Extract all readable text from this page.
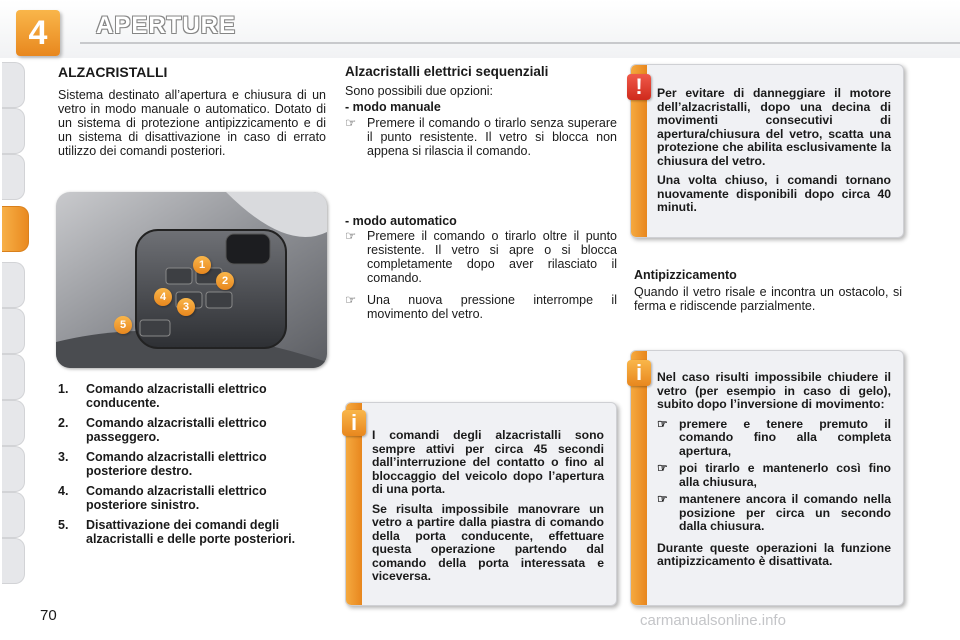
4	APERTURE
ALZACRISTALLI
Sistema destinato all’apertura e chiusura di un vetro in modo manuale o automatico. Dotato di un sistema di protezione antipizzicamento e di un sistema di disattivazione in caso di errato utilizzo dei comandi posteriori.
1
2
3
4
5
1.	Comando alzacristalli elettrico conducente.
2.	Comando alzacristalli elettrico passeggero.
3.	Comando alzacristalli elettrico posteriore destro.
4.	Comando alzacristalli elettrico posteriore sinistro.
5.	Disattivazione dei comandi degli alzacristalli e delle porte posteriori.
Alzacristalli elettrici sequenziali
Sono possibili due opzioni:
- modo manuale
☞ Premere il comando o tirarlo senza superare il punto resistente. Il vetro si blocca non appena si rilascia il comando.
- modo automatico
☞ Premere il comando o tirarlo oltre il punto resistente. Il vetro si apre o si blocca completamente dopo aver rilasciato il comando.
☞ Una nuova pressione interrompe il movimento del vetro.

I comandi degli alzacristalli sono sempre attivi per circa 45 secondi dall’interruzione del contatto o fino al bloccaggio del veicolo dopo l’apertura di una porta.

Se risulta impossibile manovrare un vetro a partire dalla piastra di comando della porta conducente, effettuare questa operazione partendo dal comando della porta interessata e viceversa.

i

Per evitare di danneggiare il motore dell’alzacristalli, dopo una decina di movimenti consecutivi di apertura/chiusura del vetro, scatta una protezione che abilita esclusivamente la chiusura del vetro.

Una volta chiuso, i comandi tornano nuovamente disponibili dopo circa 40 minuti.

!
Antipizzicamento
Quando il vetro risale e incontra un ostacolo, si ferma e ridiscende parzialmente.

Nel caso risulti impossibile chiudere il vetro (per esempio in caso di gelo), subito dopo l’inversione di movimento:

☞ premere e tenere premuto il comando fino alla completa apertura,
☞ poi tirarlo e mantenerlo così fino alla chiusura,
☞ mantenere ancora il comando nella posizione per circa un secondo dalla chiusura.

Durante queste operazioni la funzione antipizzicamento è disattivata.

i
70	carmanualsonline.info
